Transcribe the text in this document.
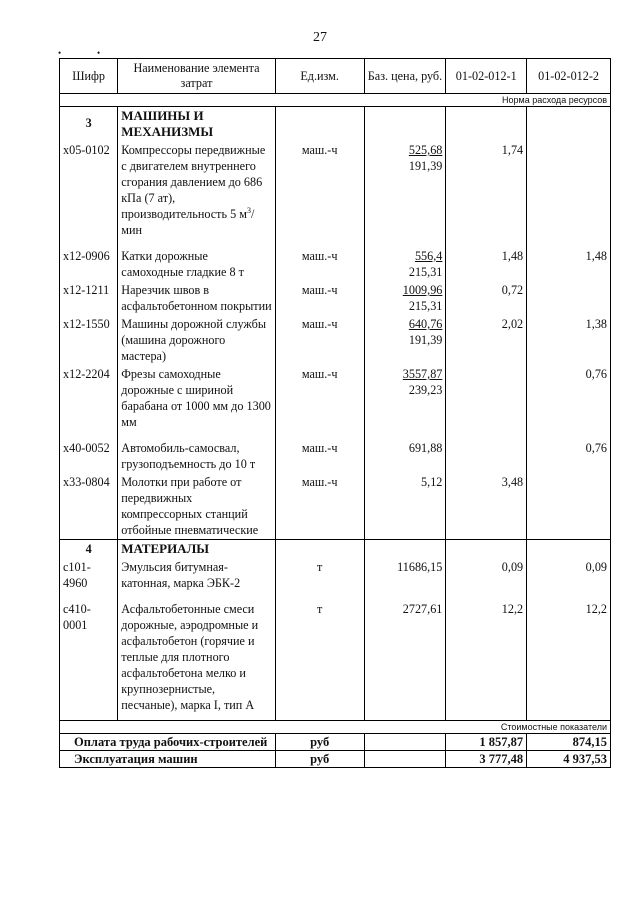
27
•	•
Шифр	Наименование элемента затрат	Ед.изм.	Баз. цена, руб.	01-02-012-1	01-02-012-2
Норма расхода ресурсов					
3	МАШИНЫ И МЕХАНИЗМЫ				
х05-0102	Компрессоры передвижные с двигателем внутреннего сгорания давлением до 686 кПа (7 ат), производительность 5 $м^3$/мин	маш.-ч	525,68
191,39	1,74	

х12-0906	Катки дорожные самоходные гладкие 8 т	маш.-ч	556,4
215,31	1,48	1,48
х12-1211	Нарезчик швов в асфальтобетонном покрытии	маш.-ч	1009,96
215,31	0,72	
х12-1550	Машины дорожной службы (машина дорожного мастера)	маш.-ч	640,76
191,39	2,02	1,38
х12-2204	Фрезы самоходные дорожные с шириной барабана от 1000 мм до 1300 мм	маш.-ч	3557,87
239,23		0,76

х40-0052	Автомобиль-самосвал, грузоподъемность до 10 т	маш.-ч	691,88		0,76
х33-0804	Молотки при работе от передвижных компрессорных станций отбойные пневматические	маш.-ч	5,12	3,48	
4	МАТЕРИАЛЫ				
с101-4960	Эмульсия битумная-катонная, марка ЭБК-2	т	11686,15	0,09	0,09

с410-0001	Асфальтобетонные смеси дорожные, аэродромные и асфальтобетон (горячие и теплые для плотного асфальтобетона мелко и крупнозернистые, песчаные), марка I, тип А	т	2727,61	12,2	12,2

Стоимостные показатели					
Оплата труда рабочих-строителей		руб		1 857,87	874,15
Эксплуатация машин		руб		3 777,48	4 937,53
